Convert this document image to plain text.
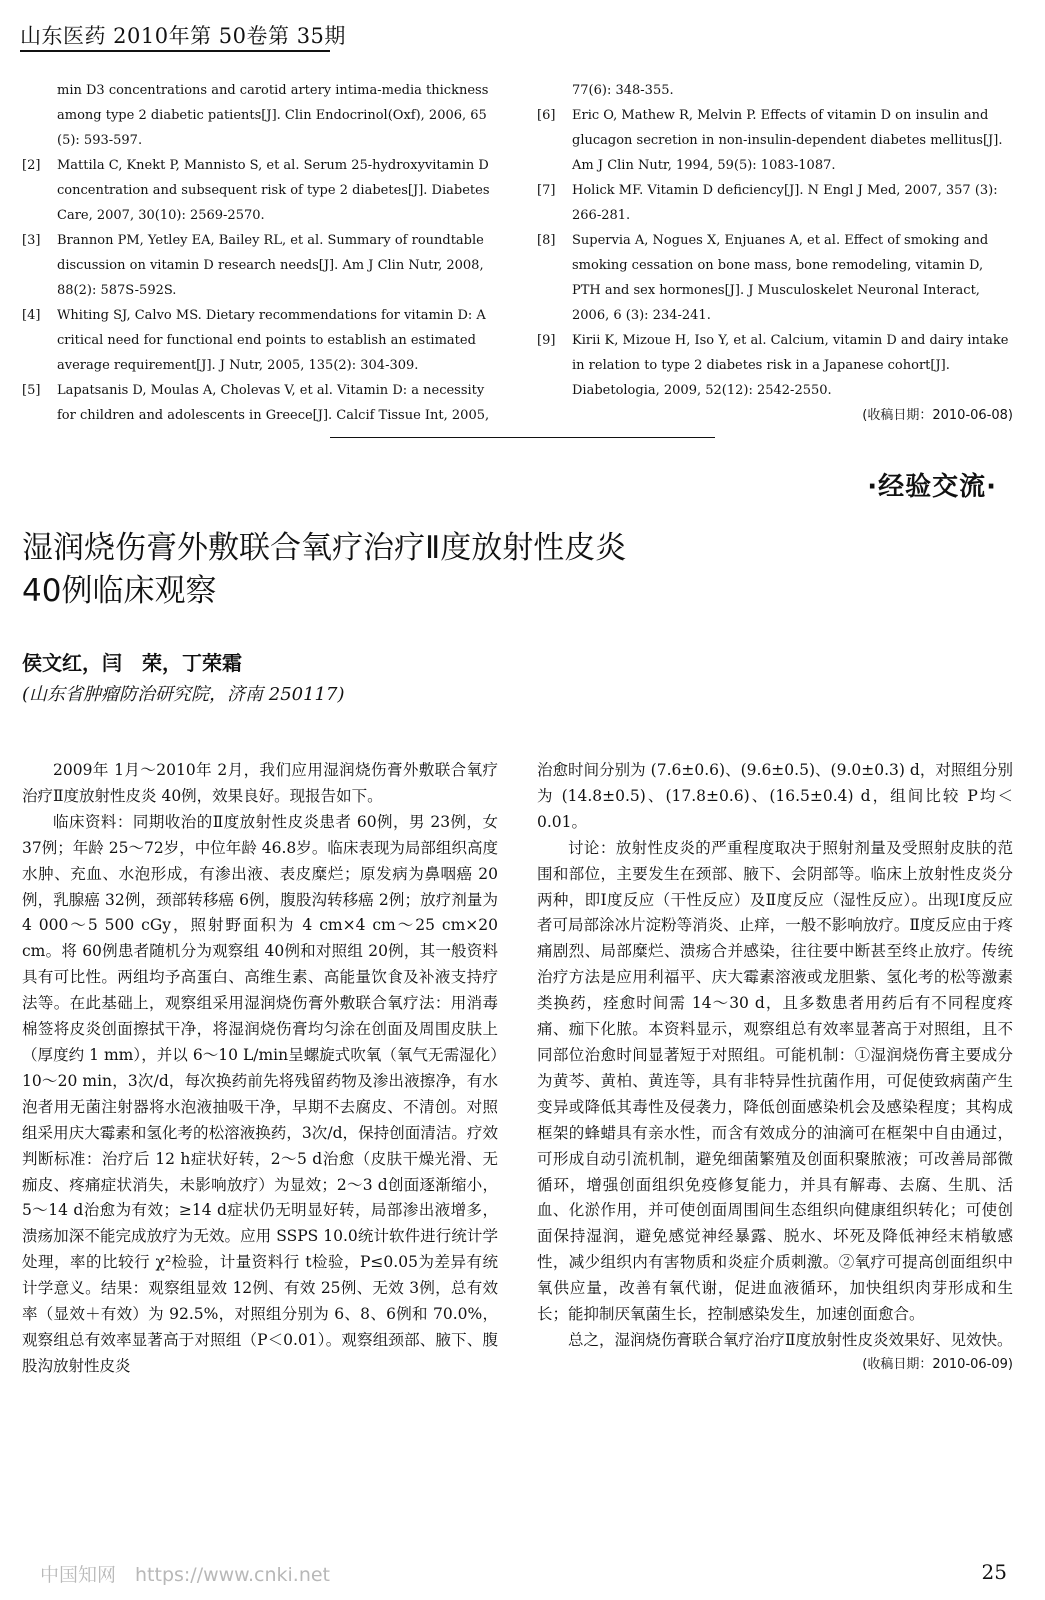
山东医药 2010年第 50卷第 35期
min D3 concentrations and carotid artery intima-media thickness among type 2 diabetic patients[J]. Clin Endocrinol(Oxf), 2006, 65 (5): 593-597.
[2] Mattila C, Knekt P, Mannisto S, et al. Serum 25-hydroxyvitamin D concentration and subsequent risk of type 2 diabetes[J]. Diabetes Care, 2007, 30(10): 2569-2570.
[3] Brannon PM, Yetley EA, Bailey RL, et al. Summary of roundtable discussion on vitamin D research needs[J]. Am J Clin Nutr, 2008, 88(2): 587S-592S.
[4] Whiting SJ, Calvo MS. Dietary recommendations for vitamin D: A critical need for functional end points to establish an estimated average requirement[J]. J Nutr, 2005, 135(2): 304-309.
[5] Lapatsanis D, Moulas A, Cholevas V, et al. Vitamin D: a necessity for children and adolescents in Greece[J]. Calcif Tissue Int, 2005,
77(6): 348-355.
[6] Eric O, Mathew R, Melvin P. Effects of vitamin D on insulin and glucagon secretion in non-insulin-dependent diabetes mellitus[J]. Am J Clin Nutr, 1994, 59(5): 1083-1087.
[7] Holick MF. Vitamin D deficiency[J]. N Engl J Med, 2007, 357 (3): 266-281.
[8] Supervia A, Nogues X, Enjuanes A, et al. Effect of smoking and smoking cessation on bone mass, bone remodeling, vitamin D, PTH and sex hormones[J]. J Musculoskelet Neuronal Interact, 2006, 6 (3): 234-241.
[9] Kirii K, Mizoue H, Iso Y, et al. Calcium, vitamin D and dairy intake in relation to type 2 diabetes risk in a Japanese cohort[J]. Diabetologia, 2009, 52(12): 2542-2550.
(收稿日期：2010-06-08)
·经验交流·
湿润烧伤膏外敷联合氧疗治疗Ⅱ度放射性皮炎
40例临床观察
侯文红，闫　荣，丁荣霜
(山东省肿瘤防治研究院，济南 250117)

2009年 1月～2010年 2月，我们应用湿润烧伤膏外敷联合氧疗治疗Ⅱ度放射性皮炎 40例，效果良好。现报告如下。

临床资料：同期收治的Ⅱ度放射性皮炎患者 60例，男 23例，女 37例；年龄 25～72岁，中位年龄 46.8岁。临床表现为局部组织高度水肿、充血、水泡形成，有渗出液、表皮糜烂；原发病为鼻咽癌 20例，乳腺癌 32例，颈部转移癌 6例，腹股沟转移癌 2例；放疗剂量为 4 000～5 500 cGy，照射野面积为 4 cm×4 cm～25 cm×20 cm。将 60例患者随机分为观察组 40例和对照组 20例，其一般资料具有可比性。两组均予高蛋白、高维生素、高能量饮食及补液支持疗法等。在此基础上，观察组采用湿润烧伤膏外敷联合氧疗法：用消毒棉签将皮炎创面擦拭干净，将湿润烧伤膏均匀涂在创面及周围皮肤上（厚度约 1 mm），并以 6～10 L/min呈螺旋式吹氧（氧气无需湿化）10～20 min，3次/d，每次换药前先将残留药物及渗出液擦净，有水泡者用无菌注射器将水泡液抽吸干净，早期不去腐皮、不清创。对照组采用庆大霉素和氢化考的松溶液换药，3次/d，保持创面清洁。疗效判断标准：治疗后 12 h症状好转，2～5 d治愈（皮肤干燥光滑、无痂皮、疼痛症状消失，未影响放疗）为显效；2～3 d创面逐渐缩小，5～14 d治愈为有效；≥14 d症状仍无明显好转，局部渗出液增多，溃疡加深不能完成放疗为无效。应用 SSPS 10.0统计软件进行统计学处理，率的比较行 χ²检验，计量资料行 t检验，P≤0.05为差异有统计学意义。结果：观察组显效 12例、有效 25例、无效 3例，总有效率（显效＋有效）为 92.5%，对照组分别为 6、8、6例和 70.0%，观察组总有效率显著高于对照组（P＜0.01）。观察组颈部、腋下、腹股沟放射性皮炎

治愈时间分别为 (7.6±0.6)、(9.6±0.5)、(9.0±0.3) d，对照组分别为 (14.8±0.5)、(17.8±0.6)、(16.5±0.4) d，组间比较 P均＜0.01。

讨论：放射性皮炎的严重程度取决于照射剂量及受照射皮肤的范围和部位，主要发生在颈部、腋下、会阴部等。临床上放射性皮炎分两种，即Ⅰ度反应（干性反应）及Ⅱ度反应（湿性反应）。出现Ⅰ度反应者可局部涂冰片淀粉等消炎、止痒，一般不影响放疗。Ⅱ度反应由于疼痛剧烈、局部糜烂、溃疡合并感染，往往要中断甚至终止放疗。传统治疗方法是应用利福平、庆大霉素溶液或龙胆紫、氢化考的松等激素类换药，痊愈时间需 14～30 d，且多数患者用药后有不同程度疼痛、痂下化脓。本资料显示，观察组总有效率显著高于对照组，且不同部位治愈时间显著短于对照组。可能机制：①湿润烧伤膏主要成分为黄芩、黄柏、黄连等，具有非特异性抗菌作用，可促使致病菌产生变异或降低其毒性及侵袭力，降低创面感染机会及感染程度；其构成框架的蜂蜡具有亲水性，而含有效成分的油滴可在框架中自由通过，可形成自动引流机制，避免细菌繁殖及创面积聚脓液；可改善局部微循环，增强创面组织免疫修复能力，并具有解毒、去腐、生肌、活血、化淤作用，并可使创面周围间生态组织向健康组织转化；可使创面保持湿润，避免感觉神经暴露、脱水、坏死及降低神经末梢敏感性，减少组织内有害物质和炎症介质刺激。②氧疗可提高创面组织中氧供应量，改善有氧代谢，促进血液循环，加快组织肉芽形成和生长；能抑制厌氧菌生长，控制感染发生，加速创面愈合。

总之，湿润烧伤膏联合氧疗治疗Ⅱ度放射性皮炎效果好、见效快。

(收稿日期：2010-06-09)
中国知网　https://www.cnki.net	25
